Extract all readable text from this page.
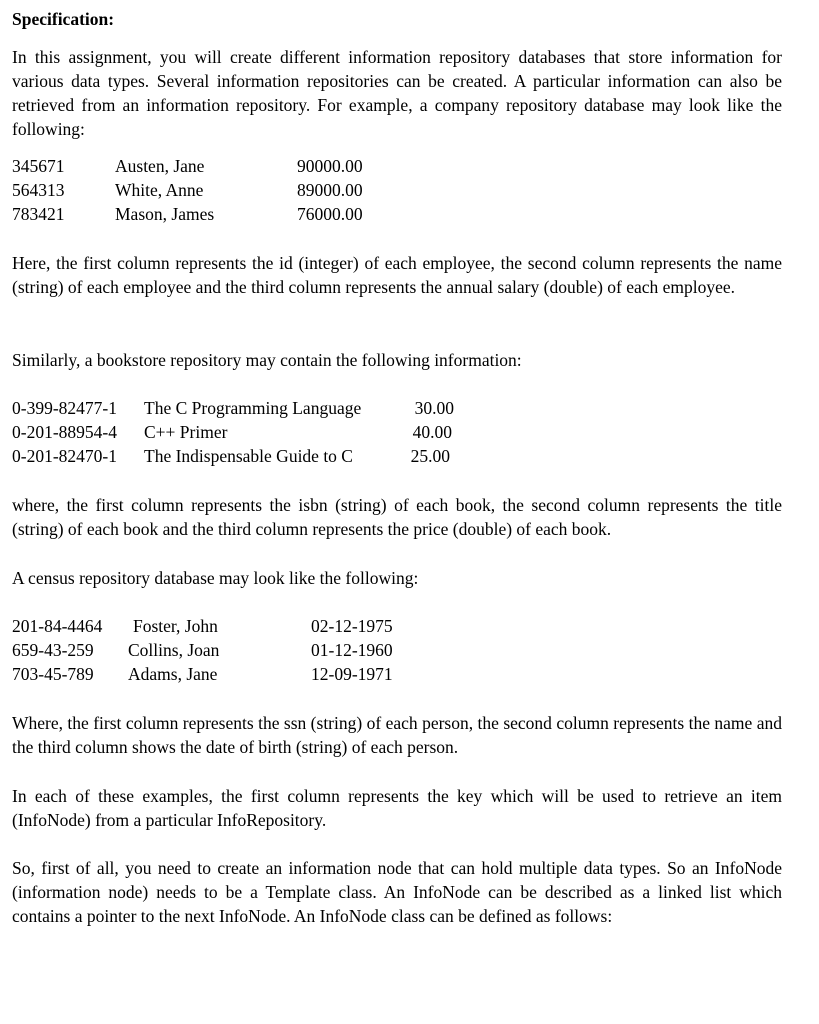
Specification:

In this assignment, you will create different information repository databases that store information for various data types. Several information repositories can be created. A particular information can also be retrieved from an information repository. For example, a company repository database may look like the following:

345671	Austen, Jane	90000.00
564313	White, Anne	89000.00
783421	Mason, James	76000.00

Here, the first column represents the id (integer) of each employee, the second column represents the name (string) of each employee and the third column represents the annual salary (double) of each employee.

Similarly, a bookstore repository may contain the following information:

0-399-82477-1 The C Programming Language	30.00
0-201-88954-4 C++ Primer	40.00
0-201-82470-1 The Indispensable Guide to C	25.00

where, the first column represents the isbn (string) of each book, the second column represents the title (string) of each book and the third column represents the price (double) of each book.

A census repository database may look like the following:

201-84-4464 Foster, John	02-12-1975
659-43-259 Collins, Joan	01-12-1960
703-45-789 Adams, Jane	12-09-1971

Where, the first column represents the ssn (string) of each person, the second column represents the name and the third column shows the date of birth (string) of each person.

In each of these examples, the first column represents the key which will be used to retrieve an item (InfoNode) from a particular InfoRepository.

So, first of all, you need to create an information node that can hold multiple data types. So an InfoNode (information node) needs to be a Template class. An InfoNode can be described as a linked list which contains a pointer to the next InfoNode. An InfoNode class can be defined as follows:
